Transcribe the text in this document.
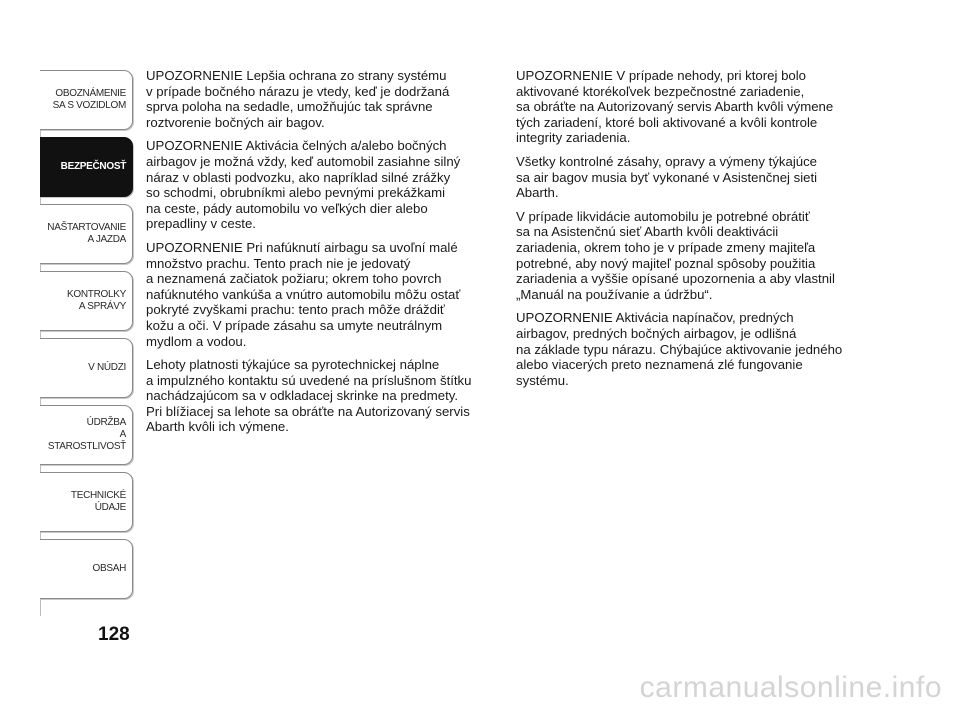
OBOZNÁMENIE
SA S VOZIDLOM
BEZPEČNOSŤ
NAŠTARTOVANIE
A JAZDA
KONTROLKY
A SPRÁVY
V NÚDZI
ÚDRŽBA
A STAROSTLIVOSŤ
TECHNICKÉ
ÚDAJE
OBSAH
128

UPOZORNENIE Lepšia ochrana zo strany systému
v prípade bočného nárazu je vtedy, keď je dodržaná
sprva poloha na sedadle, umožňujúc tak správne
roztvorenie bočných air bagov.

UPOZORNENIE Aktivácia čelných a/alebo bočných
airbagov je možná vždy, keď automobil zasiahne silný
náraz v oblasti podvozku, ako napríklad silné zrážky
so schodmi, obrubníkmi alebo pevnými prekážkami
na ceste, pády automobilu vo veľkých dier alebo
prepadliny v ceste.

UPOZORNENIE Pri nafúknutí airbagu sa uvoľní malé
množstvo prachu. Tento prach nie je jedovatý
a neznamená začiatok požiaru; okrem toho povrch
nafúknutého vankúša a vnútro automobilu môžu ostať
pokryté zvyškami prachu: tento prach môže dráždiť
kožu a oči. V prípade zásahu sa umyte neutrálnym
mydlom a vodou.

Lehoty platnosti týkajúce sa pyrotechnickej náplne
a impulzného kontaktu sú uvedené na príslušnom štítku
nachádzajúcom sa v odkladacej skrinke na predmety.
Pri blížiacej sa lehote sa obráťte na Autorizovaný servis
Abarth kvôli ich výmene.

UPOZORNENIE V prípade nehody, pri ktorej bolo
aktivované ktorékoľvek bezpečnostné zariadenie,
sa obráťte na Autorizovaný servis Abarth kvôli výmene
tých zariadení, ktoré boli aktivované a kvôli kontrole
integrity zariadenia.

Všetky kontrolné zásahy, opravy a výmeny týkajúce
sa air bagov musia byť vykonané v Asistenčnej sieti
Abarth.

V prípade likvidácie automobilu je potrebné obrátiť
sa na Asistenčnú sieť Abarth kvôli deaktivácii
zariadenia, okrem toho je v prípade zmeny majiteľa
potrebné, aby nový majiteľ poznal spôsoby použitia
zariadenia a vyššie opísané upozornenia a aby vlastnil
„Manuál na používanie a údržbu“.

UPOZORNENIE Aktivácia napínačov, predných
airbagov, predných bočných airbagov, je odlišná
na základe typu nárazu. Chýbajúce aktivovanie jedného
alebo viacerých preto neznamená zlé fungovanie
systému.

carmanualsonline.info
